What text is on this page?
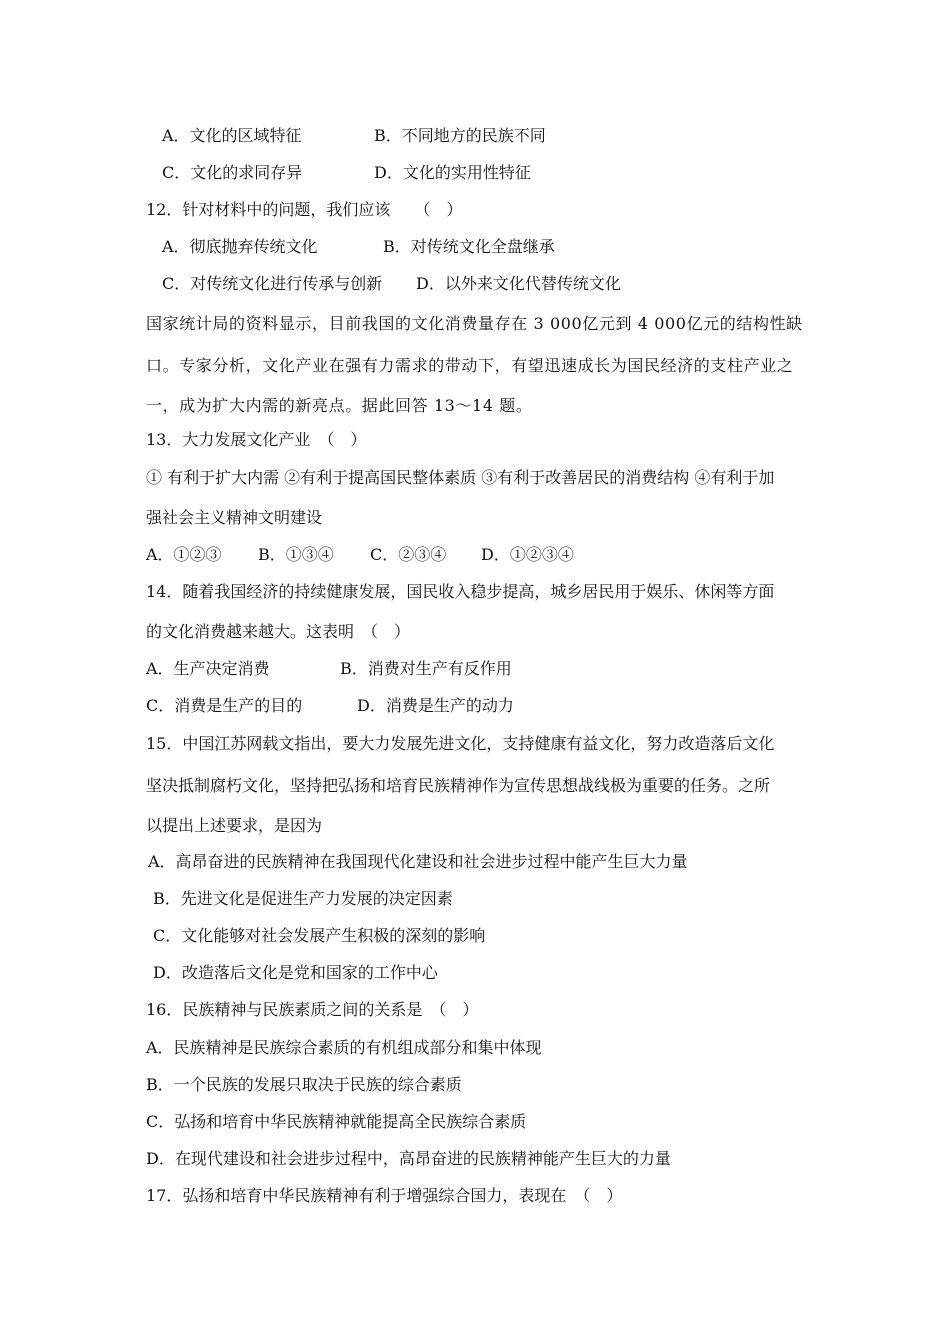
A．文化的区域特征	B．不同地方的民族不同
C．文化的求同存异	D．文化的实用性特征
12．针对材料中的问题，我们应该　　（　）
A．彻底抛弃传统文化	B．对传统文化全盘继承
C．对传统文化进行传承与创新 D．以外来文化代替传统文化
国家统计局的资料显示，目前我国的文化消费量存在 3 000亿元到 4 000亿元的结构性缺
口。专家分析，文化产业在强有力需求的带动下，有望迅速成长为国民经济的支柱产业之
一，成为扩大内需的新亮点。据此回答 13～14 题。
13．大力发展文化产业　（　）
① 有利于扩大内需 ②有利于提高国民整体素质 ③有利于改善居民的消费结构 ④有利于加
强社会主义精神文明建设
A．①②③ B．①③④ C．②③④ D．①②③④
14．随着我国经济的持续健康发展，国民收入稳步提高，城乡居民用于娱乐、休闲等方面
的文化消费越来越大。这表明　（　）
A．生产决定消费	B．消费对生产有反作用
C．消费是生产的目的	D．消费是生产的动力
15．中国江苏网载文指出，要大力发展先进文化，支持健康有益文化，努力改造落后文化
坚决抵制腐朽文化，坚持把弘扬和培育民族精神作为宣传思想战线极为重要的任务。之所
以提出上述要求，是因为
A．高昂奋进的民族精神在我国现代化建设和社会进步过程中能产生巨大力量
B．先进文化是促进生产力发展的决定因素
C．文化能够对社会发展产生积极的深刻的影响
D．改造落后文化是党和国家的工作中心
16．民族精神与民族素质之间的关系是　（　）
A．民族精神是民族综合素质的有机组成部分和集中体现
B．一个民族的发展只取决于民族的综合素质
C．弘扬和培育中华民族精神就能提高全民族综合素质
D．在现代建设和社会进步过程中，高昂奋进的民族精神能产生巨大的力量
17．弘扬和培育中华民族精神有利于增强综合国力，表现在　（　）
